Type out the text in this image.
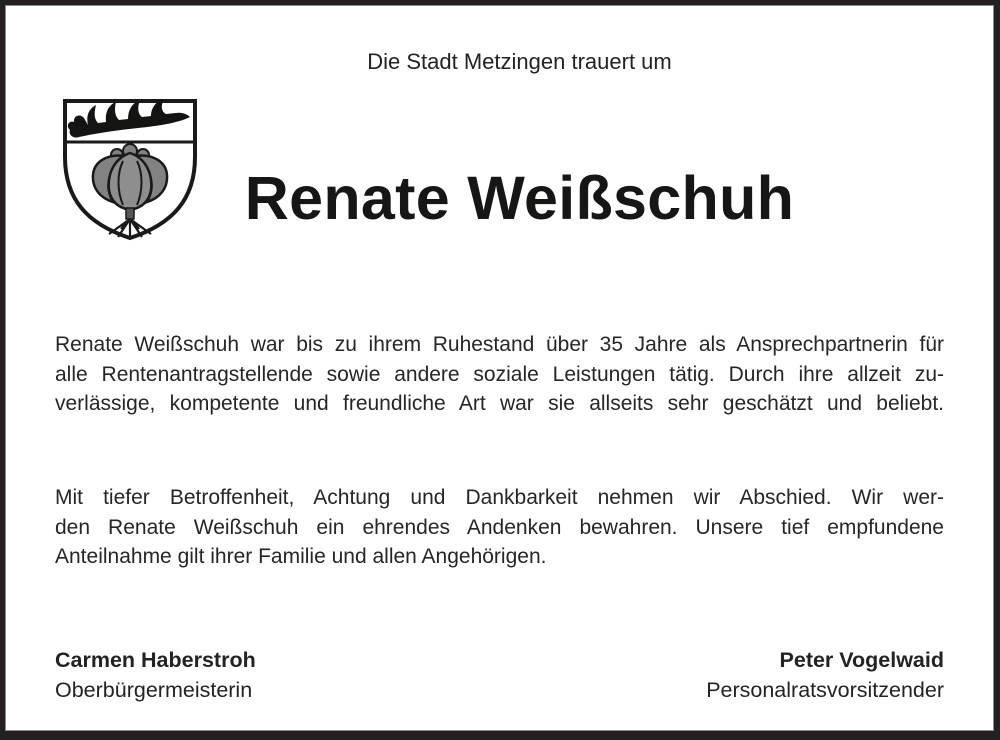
Die Stadt Metzingen trauert um
Renate Weißschuh
Renate Weißschuh war bis zu ihrem Ruhestand über 35 Jahre als Ansprechpartnerin für
alle Rentenantragstellende sowie andere soziale Leistungen tätig. Durch ihre allzeit zu-
verlässige, kompetente und freundliche Art war sie allseits sehr geschätzt und beliebt.
Mit tiefer Betroffenheit, Achtung und Dankbarkeit nehmen wir Abschied. Wir wer-
den Renate Weißschuh ein ehrendes Andenken bewahren. Unsere tief empfundene
Anteilnahme gilt ihrer Familie und allen Angehörigen.
Carmen Haberstroh
Oberbürgermeisterin
Peter Vogelwaid
Personalratsvorsitzender
